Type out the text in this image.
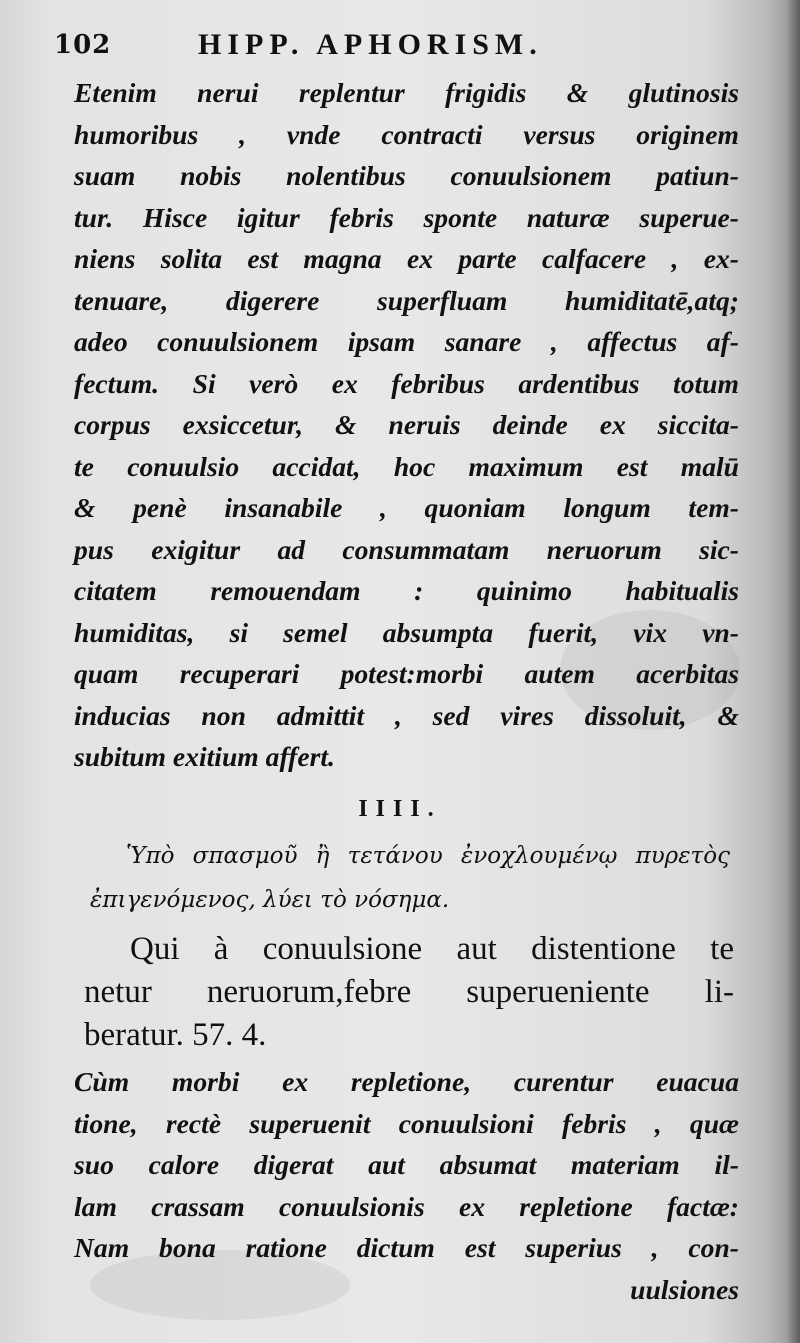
102	HIPP. APHORISM.
Etenim nerui replentur frigidis & glutinosis
humoribus , vnde contracti versus originem
suam nobis nolentibus conuulsionem patiun-
tur. Hisce igitur febris sponte naturæ superue-
niens solita est magna ex parte calfacere , ex-
tenuare, digerere superfluam humiditatē,atq;
adeo conuulsionem ipsam sanare , affectus af-
fectum. Si verò ex febribus ardentibus totum
corpus exsiccetur, & neruis deinde ex siccita-
te conuulsio accidat, hoc maximum est malū
& penè insanabile , quoniam longum tem-
pus exigitur ad consummatam neruorum sic-
citatem remouendam : quinimo habitualis
humiditas, si semel absumpta fuerit, vix vn-
quam recuperari potest:morbi autem acerbitas
inducias non admittit , sed vires dissoluit, &
subitum exitium affert.
IIII.
Ὑπὸ σπασμοῦ ἢ τετάνου ἐνοχλουμένῳ πυρετὸς
ἐπιγενόμενος, λύει τὸ νόσημα.
Qui à conuulsione aut distentione te
netur neruorum,febre superueniente li-
beratur. 57. 4.
Cùm morbi ex repletione, curentur euacua
tione, rectè superuenit conuulsioni febris , quæ
suo calore digerat aut absumat materiam il-
lam crassam conuulsionis ex repletione factæ:
Nam bona ratione dictum est superius , con-
uulsiones
